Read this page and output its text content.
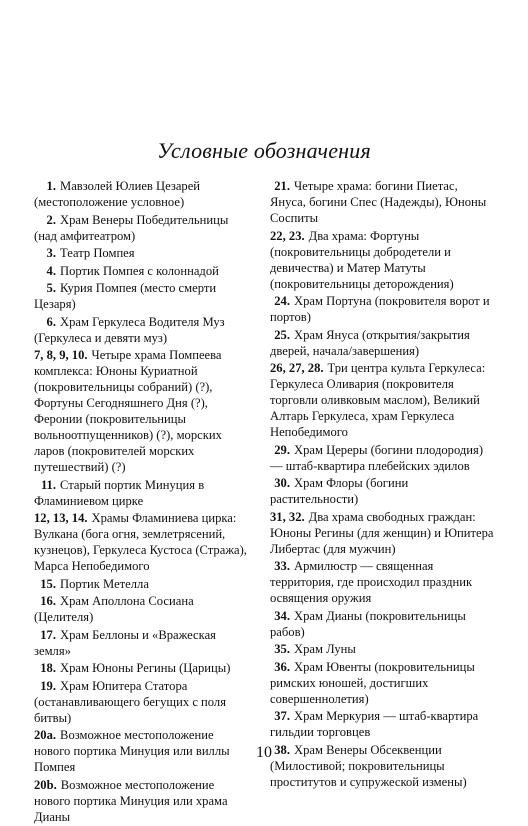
Условные обозначения
1. Мавзолей Юлиев Цезарей (местоположение условное)
2. Храм Венеры Победительницы (над амфитеатром)
3. Театр Помпея
4. Портик Помпея с колоннадой
5. Курия Помпея (место смерти Цезаря)
6. Храм Геркулеса Водителя Муз (Геркулеса и девяти муз)
7, 8, 9, 10. Четыре храма Помпеева комплекса: Юноны Куриатной (покровительницы собраний) (?), Фортуны Сегодняшнего Дня (?), Феронии (покровительницы вольноотпущенников) (?), морских ларов (покровителей морских путешествий) (?)
11. Старый портик Минуция в Фламиниевом цирке
12, 13, 14. Храмы Фламиниева цирка: Вулкана (бога огня, землетрясений, кузнецов), Геркулеса Кустоса (Стража), Марса Непобедимого
15. Портик Метелла
16. Храм Аполлона Сосиана (Целителя)
17. Храм Беллоны и «Вражеская земля»
18. Храм Юноны Регины (Царицы)
19. Храм Юпитера Статора (останавливающего бегущих с поля битвы)
20a. Возможное местоположение нового портика Минуция или виллы Помпея
20b. Возможное местоположение нового портика Минуция или храма Дианы
21. Четыре храма: богини Пиетас, Януса, богини Спес (Надежды), Юноны Соспиты
22, 23. Два храма: Фортуны (покровительницы добродетели и девичества) и Матер Матуты (покровительницы деторождения)
24. Храм Портуна (покровителя ворот и портов)
25. Храм Януса (открытия/закрытия дверей, начала/завершения)
26, 27, 28. Три центра культа Геркулеса: Геркулеса Оливария (покровителя торговли оливковым маслом), Великий Алтарь Геркулеса, храм Геркулеса Непобедимого
29. Храм Цереры (богини плодородия) — штаб-квартира плебейских эдилов
30. Храм Флоры (богини растительности)
31, 32. Два храма свободных граждан: Юноны Регины (для женщин) и Юпитера Либертас (для мужчин)
33. Армилюстр — священная территория, где происходил праздник освящения оружия
34. Храм Дианы (покровительницы рабов)
35. Храм Луны
36. Храм Ювенты (покровительницы римских юношей, достигших совершеннолетия)
37. Храм Меркурия — штаб-квартира гильдии торговцев
38. Храм Венеры Обсеквенции (Милостивой; покровительницы проститутов и супружеской измены)
10
